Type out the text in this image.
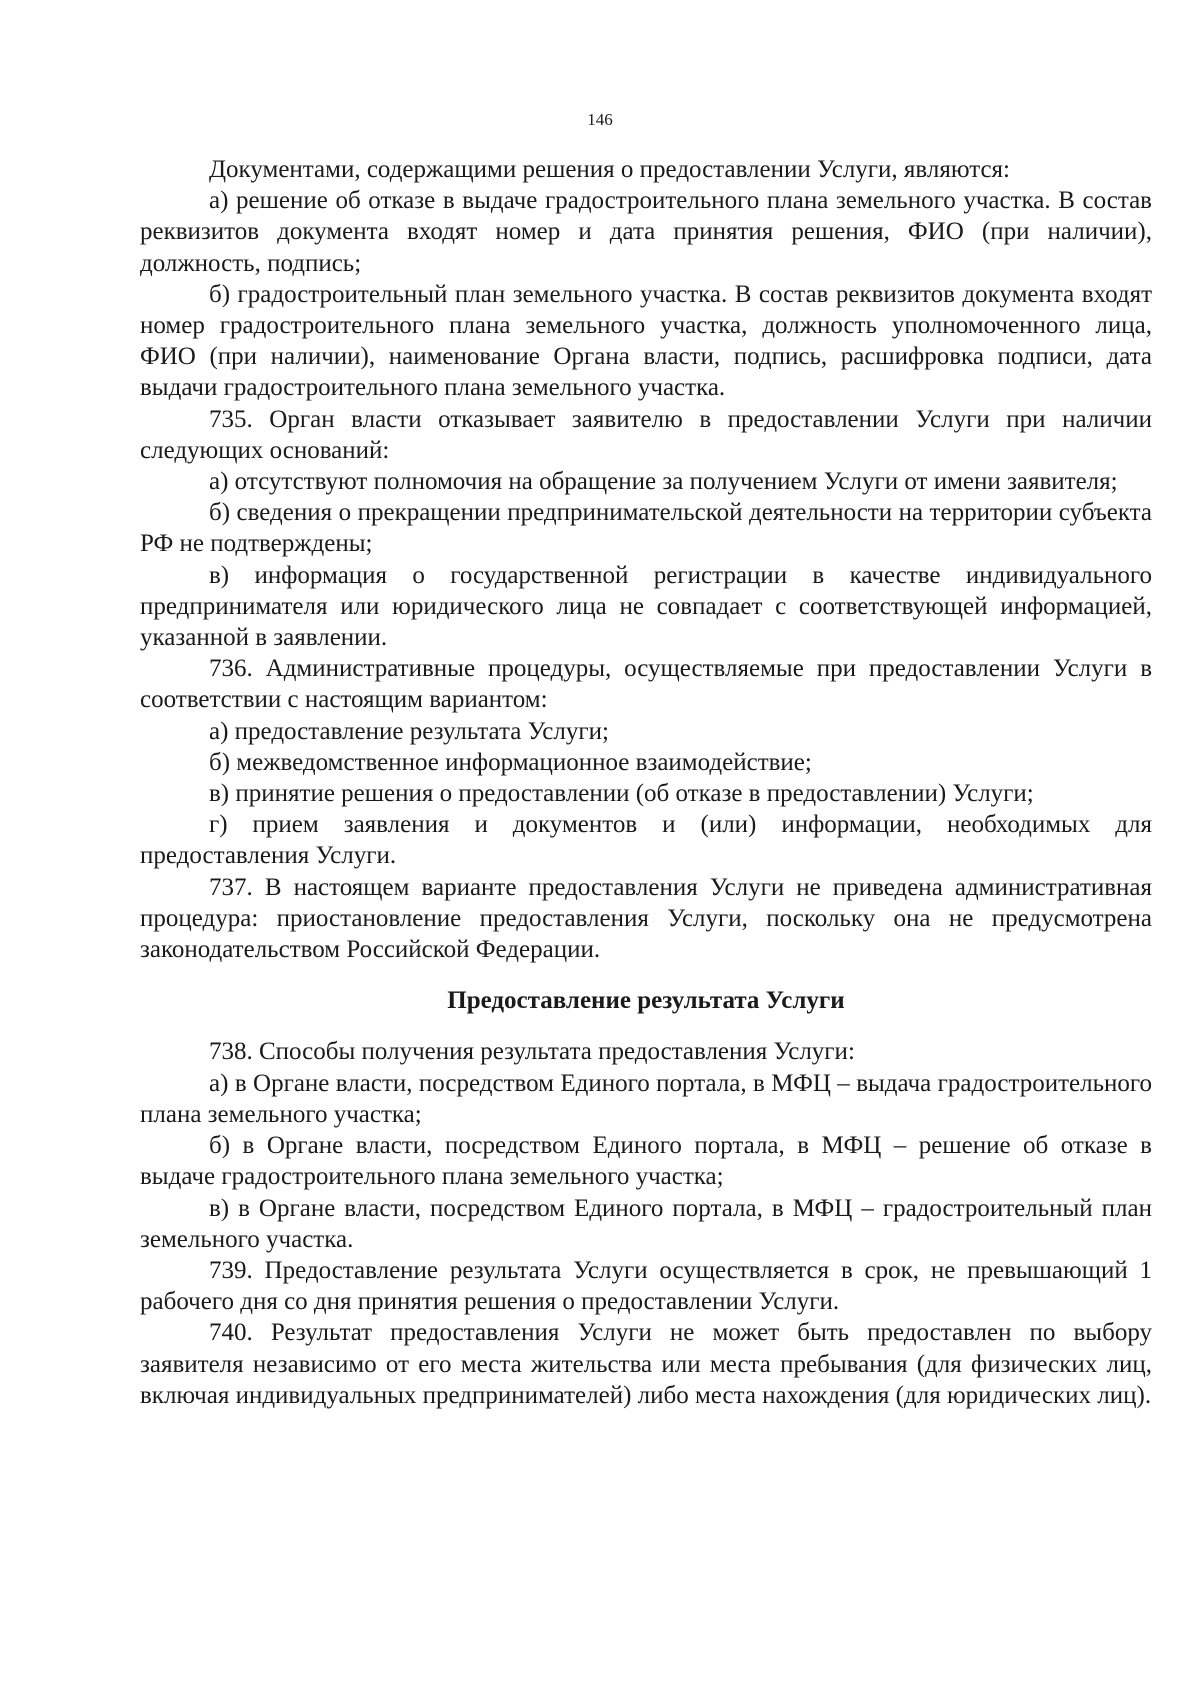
146

Документами, содержащими решения о предоставлении Услуги, являются:

а) решение об отказе в выдаче градостроительного плана земельного участка. В состав реквизитов документа входят номер и дата принятия решения, ФИО (при наличии), должность, подпись;

б) градостроительный план земельного участка. В состав реквизитов документа входят номер градостроительного плана земельного участка, должность уполномоченного лица, ФИО (при наличии), наименование Органа власти, подпись, расшифровка подписи, дата выдачи градостроительного плана земельного участка.

735. Орган власти отказывает заявителю в предоставлении Услуги при наличии следующих оснований:

а) отсутствуют полномочия на обращение за получением Услуги от имени заявителя;

б) сведения о прекращении предпринимательской деятельности на территории субъекта РФ не подтверждены;

в) информация о государственной регистрации в качестве индивидуального предпринимателя или юридического лица не совпадает с соответствующей информацией, указанной в заявлении.

736. Административные процедуры, осуществляемые при предоставлении Услуги в соответствии с настоящим вариантом:

а) предоставление результата Услуги;

б) межведомственное информационное взаимодействие;

в) принятие решения о предоставлении (об отказе в предоставлении) Услуги;

г) прием заявления и документов и (или) информации, необходимых для предоставления Услуги.

737. В настоящем варианте предоставления Услуги не приведена административная процедура: приостановление предоставления Услуги, поскольку она не предусмотрена законодательством Российской Федерации.

Предоставление результата Услуги

738. Способы получения результата предоставления Услуги:

а) в Органе власти, посредством Единого портала, в МФЦ – выдача градостроительного плана земельного участка;

б) в Органе власти, посредством Единого портала, в МФЦ – решение об отказе в выдаче градостроительного плана земельного участка;

в) в Органе власти, посредством Единого портала, в МФЦ – градостроительный план земельного участка.

739. Предоставление результата Услуги осуществляется в срок, не превышающий 1 рабочего дня со дня принятия решения о предоставлении Услуги.

740. Результат предоставления Услуги не может быть предоставлен по выбору заявителя независимо от его места жительства или места пребывания (для физических лиц, включая индивидуальных предпринимателей) либо места нахождения (для юридических лиц).
